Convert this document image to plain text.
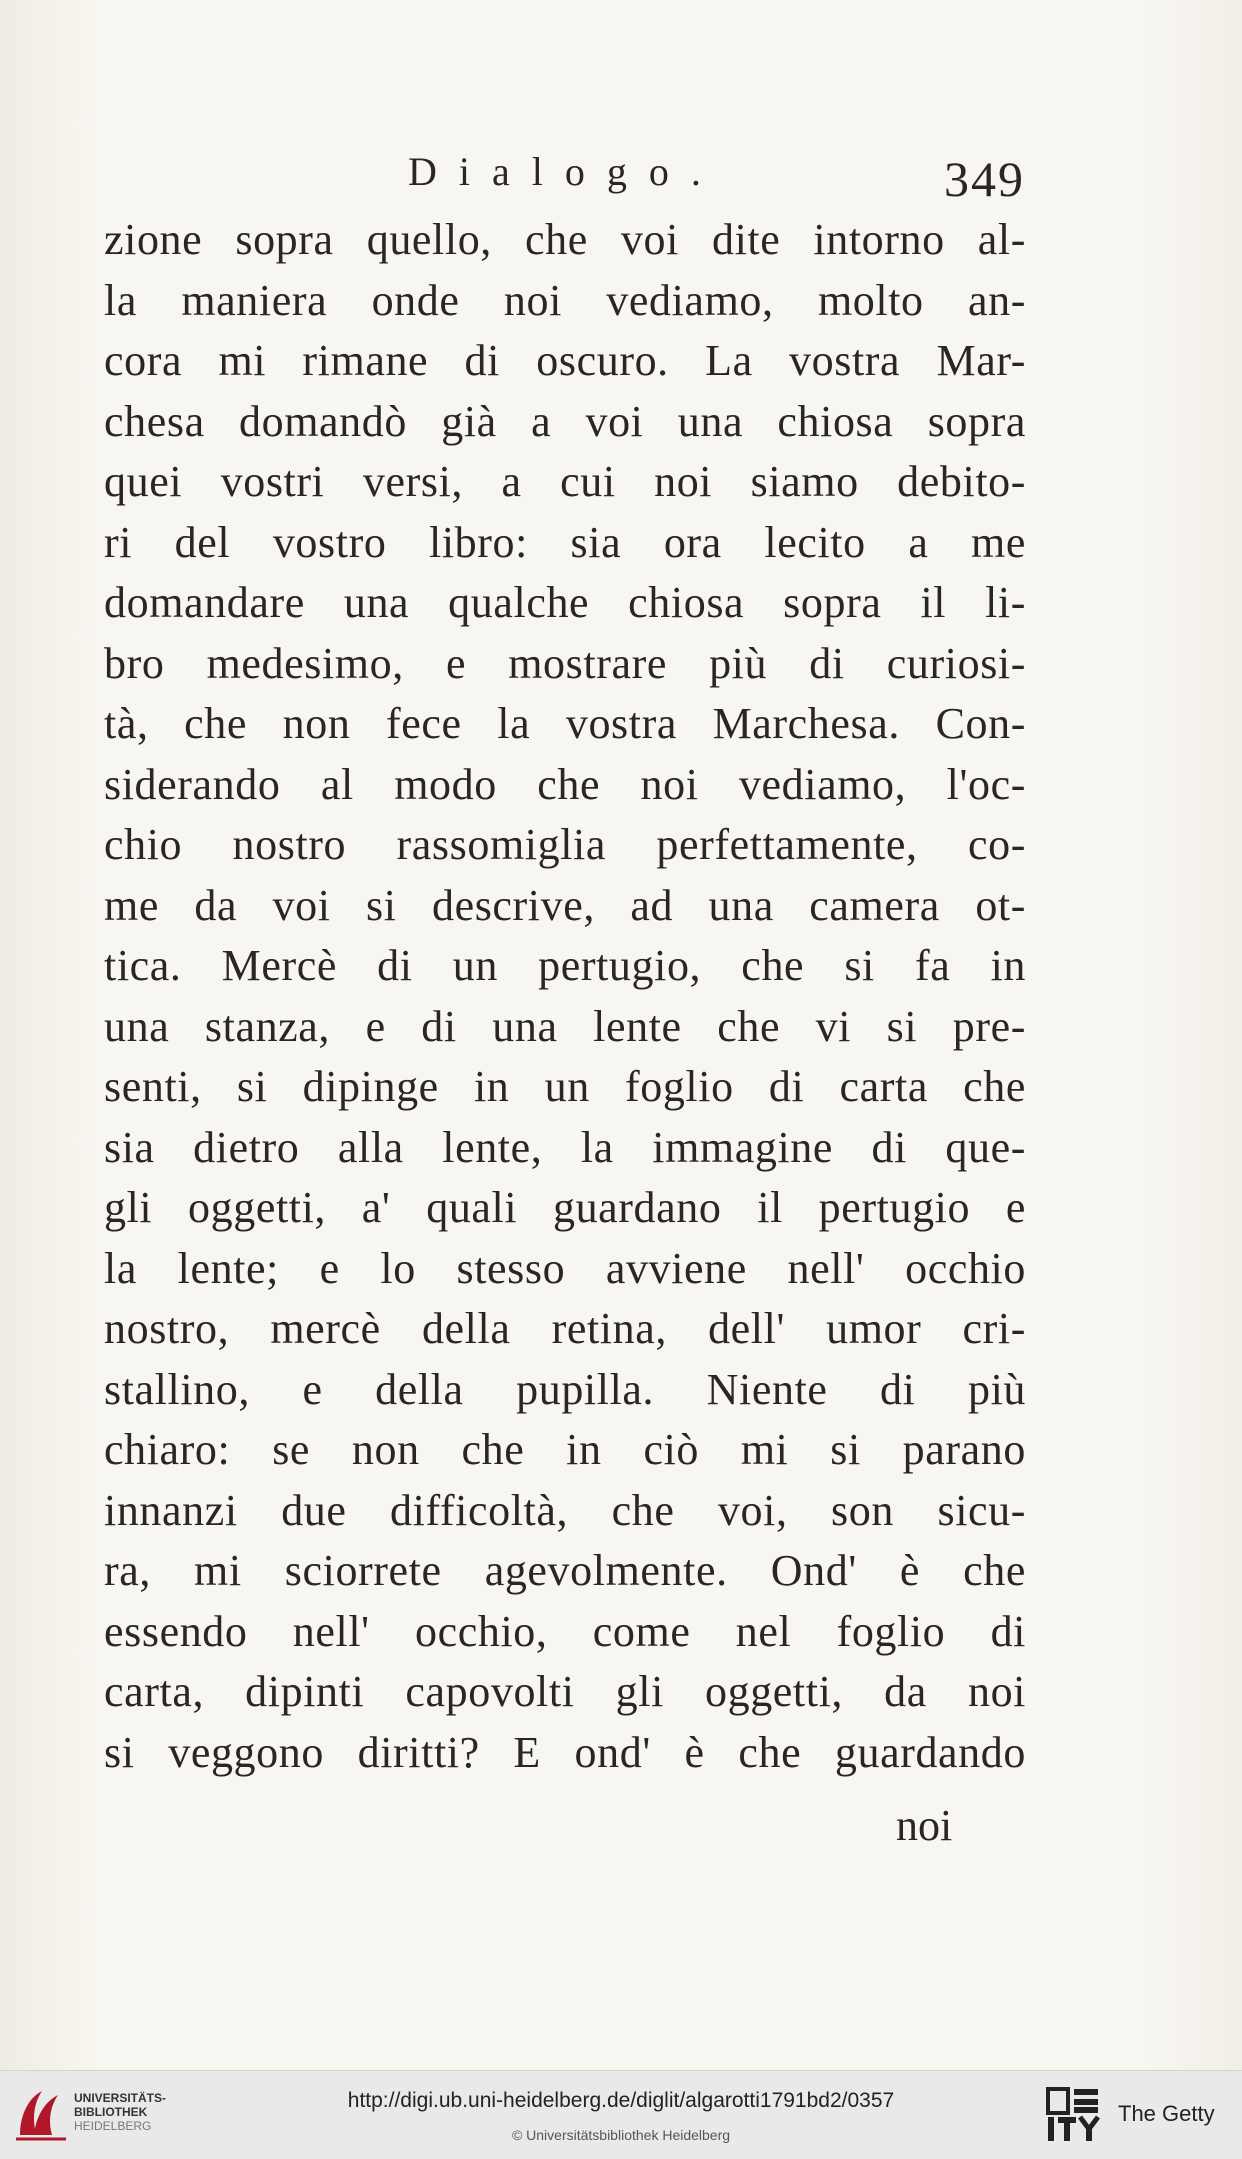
Dialogo.	349
zione sopra quello, che voi dite intorno al-
la maniera onde noi vediamo, molto an-
cora mi rimane di oscuro. La vostra Mar-
chesa domandò già a voi una chiosa sopra
quei vostri versi, a cui noi siamo debito-
ri del vostro libro: sia ora lecito a me
domandare una qualche chiosa sopra il li-
bro medesimo, e mostrare più di curiosi-
tà, che non fece la vostra Marchesa. Con-
siderando al modo che noi vediamo, l'oc-
chio nostro rassomiglia perfettamente, co-
me da voi si descrive, ad una camera ot-
tica. Mercè di un pertugio, che si fa in
una stanza, e di una lente che vi si pre-
senti, si dipinge in un foglio di carta che
sia dietro alla lente, la immagine di que-
gli oggetti, a' quali guardano il pertugio e
la lente; e lo stesso avviene nell' occhio
nostro, mercè della retina, dell' umor cri-
stallino, e della pupilla. Niente di più
chiaro: se non che in ciò mi si parano
innanzi due difficoltà, che voi, son sicu-
ra, mi sciorrete agevolmente. Ond' è che
essendo nell' occhio, come nel foglio di
carta, dipinti capovolti gli oggetti, da noi
si veggono diritti? E ond' è che guardando
noi
UNIVERSITÄTS-
BIBLIOTHEK
HEIDELBERG
http://digi.ub.uni-heidelberg.de/diglit/algarotti1791bd2/0357
© Universitätsbibliothek Heidelberg
The Getty
